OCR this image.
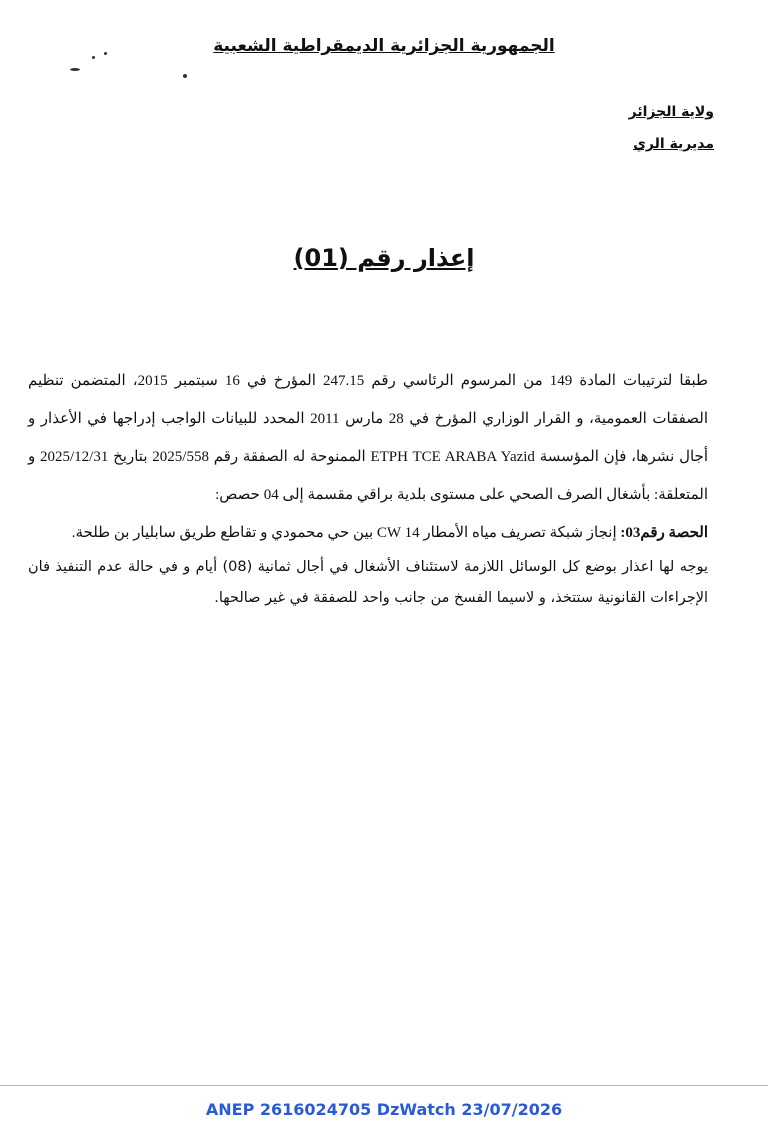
الجمهورية الجزائرية الديمقراطية الشعبية
ولاية الجزائر
مديرية الري
إعذار رقم (01)

طبقا لترتيبات المادة 149 من المرسوم الرئاسي رقم 247.15 المؤرخ في 16 سبتمبر 2015، المتضمن تنظيم الصفقات العمومية، و القرار الوزاري المؤرخ في 28 مارس 2011 المحدد للبيانات الواجب إدراجها في الأعذار و أجال نشرها، فإن المؤسسة ETPH TCE ARABA Yazid الممنوحة له الصفقة رقم 2025/558 بتاريخ 2025/12/31 و المتعلقة: بأشغال الصرف الصحي على مستوى بلدية براقي مقسمة إلى 04 حصص:

الحصة رقم03: إنجاز شبكة تصريف مياه الأمطار CW 14 بين حي محمودي و تقاطع طريق سابليار بن طلحة.

يوجه لها اعذار بوضع كل الوسائل اللازمة لاستئناف الأشغال في أجال ثمانية (08) أيام و في حالة عدم التنفيذ فان الإجراءات القانونية ستتخذ، و لاسيما الفسخ من جانب واحد للصفقة في غير صالحها.

ANEP 2616024705 DzWatch 23/07/2026
